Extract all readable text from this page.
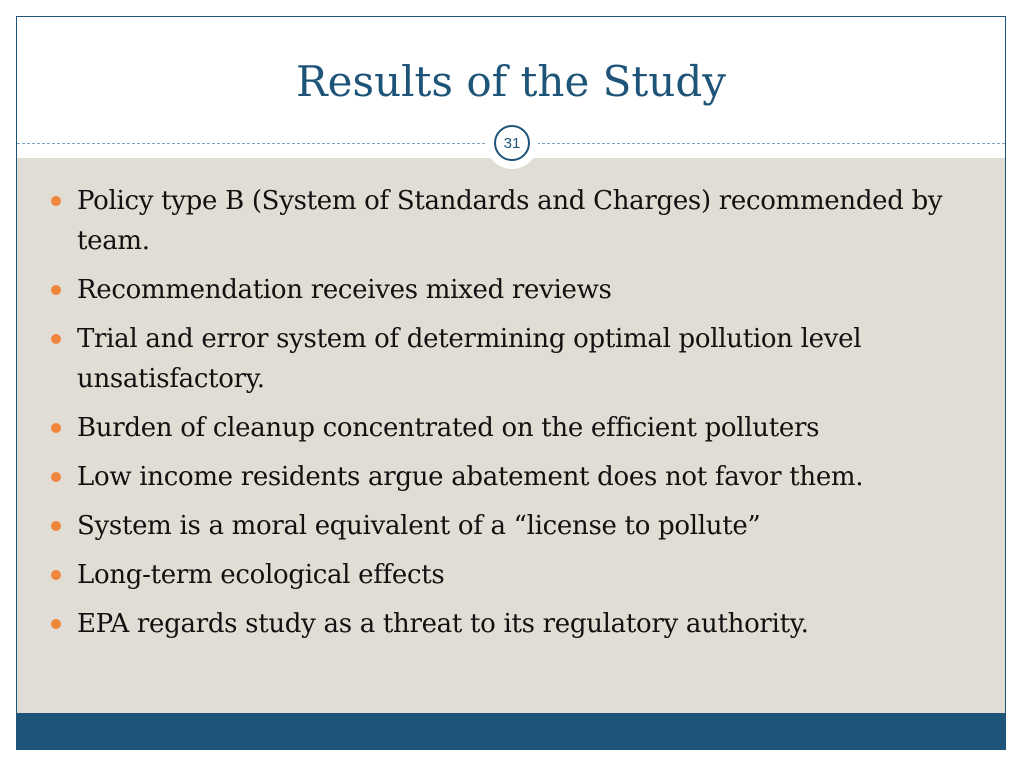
Results of the Study
31
Policy type B (System of Standards and Charges) recommended by team.
Recommendation receives mixed reviews
Trial and error system of determining optimal pollution level unsatisfactory.
Burden of cleanup concentrated on the efficient polluters
Low income residents argue abatement does not favor them.
System is a moral equivalent of a “license to pollute”
Long-term ecological effects
EPA regards study as a threat to its regulatory authority.
